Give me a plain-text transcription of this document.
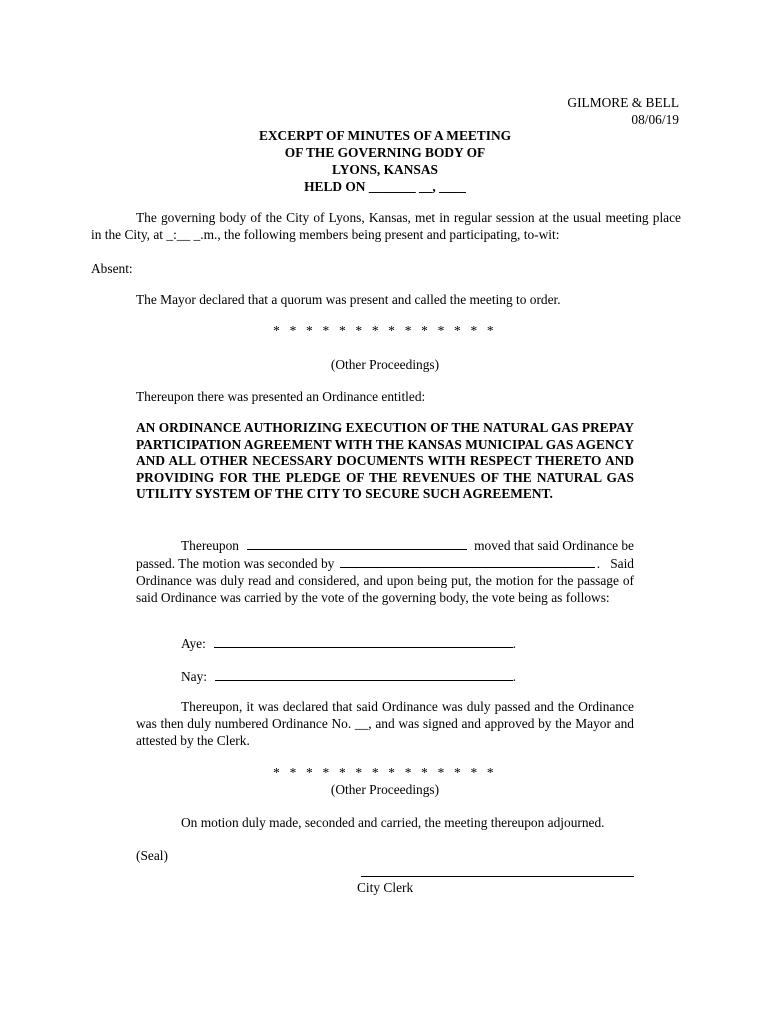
GILMORE & BELL
08/06/19
EXCERPT OF MINUTES OF A MEETING
OF THE GOVERNING BODY OF
LYONS, KANSAS
HELD ON _______ __, ____
The governing body of the City of Lyons, Kansas, met in regular session at the usual meeting place in the City, at _:__ _.m., the following members being present and participating, to-wit:
Absent:
The Mayor declared that a quorum was present and called the meeting to order.
* * * * * * * * * * * * * *
(Other Proceedings)
Thereupon there was presented an Ordinance entitled:
AN ORDINANCE AUTHORIZING EXECUTION OF THE NATURAL GAS PREPAY PARTICIPATION AGREEMENT WITH THE KANSAS MUNICIPAL GAS AGENCY AND ALL OTHER NECESSARY DOCUMENTS WITH RESPECT THERETO AND PROVIDING FOR THE PLEDGE OF THE REVENUES OF THE NATURAL GAS UTILITY SYSTEM OF THE CITY TO SECURE SUCH AGREEMENT.
Thereupon	moved that said Ordinance be
passed. The motion was seconded by	.   Said
Ordinance was duly read and considered, and upon being put, the motion for the passage of said Ordinance was carried by the vote of the governing body, the vote being as follows:
Aye:	.
Nay:	.
Thereupon, it was declared that said Ordinance was duly passed and the Ordinance was then duly numbered Ordinance No. __, and was signed and approved by the Mayor and attested by the Clerk.
* * * * * * * * * * * * * *
(Other Proceedings)
On motion duly made, seconded and carried, the meeting thereupon adjourned.
(Seal)
City Clerk
